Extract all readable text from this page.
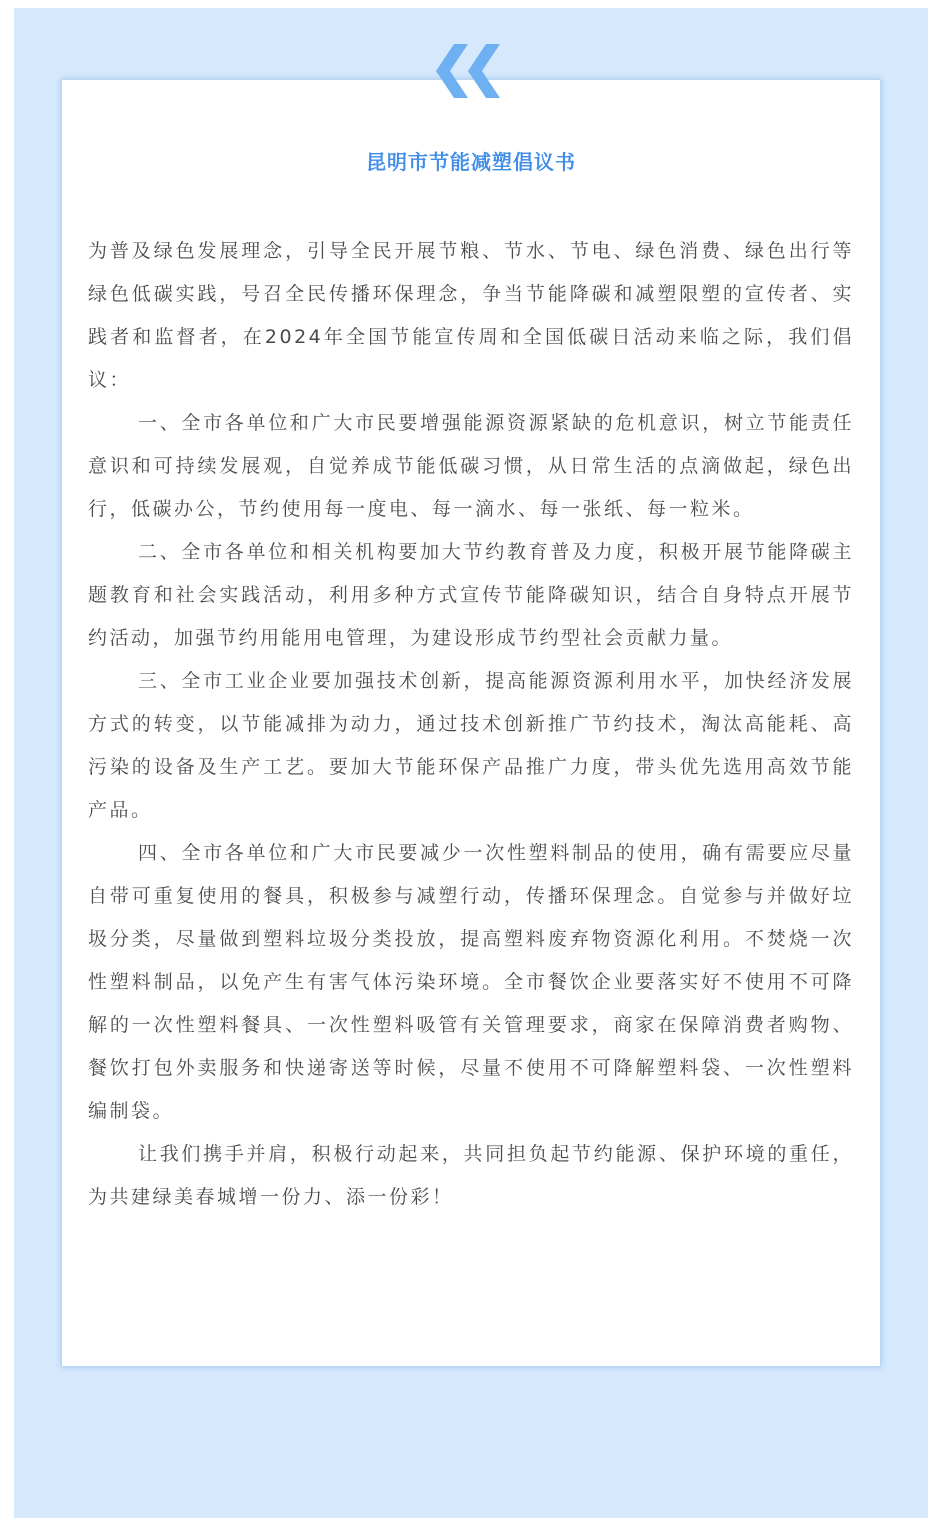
昆明市节能减塑倡议书

为普及绿色发展理念，引导全民开展节粮、节水、节电、绿色消费、绿色出行等绿色低碳实践，号召全民传播环保理念，争当节能降碳和减塑限塑的宣传者、实践者和监督者，在2024年全国节能宣传周和全国低碳日活动来临之际，我们倡议：

一、全市各单位和广大市民要增强能源资源紧缺的危机意识，树立节能责任意识和可持续发展观，自觉养成节能低碳习惯，从日常生活的点滴做起，绿色出行，低碳办公，节约使用每一度电、每一滴水、每一张纸、每一粒米。

二、全市各单位和相关机构要加大节约教育普及力度，积极开展节能降碳主题教育和社会实践活动，利用多种方式宣传节能降碳知识，结合自身特点开展节约活动，加强节约用能用电管理，为建设形成节约型社会贡献力量。

三、全市工业企业要加强技术创新，提高能源资源利用水平，加快经济发展方式的转变，以节能减排为动力，通过技术创新推广节约技术，淘汰高能耗、高污染的设备及生产工艺。要加大节能环保产品推广力度，带头优先选用高效节能产品。

四、全市各单位和广大市民要减少一次性塑料制品的使用，确有需要应尽量自带可重复使用的餐具，积极参与减塑行动，传播环保理念。自觉参与并做好垃圾分类，尽量做到塑料垃圾分类投放，提高塑料废弃物资源化利用。不焚烧一次性塑料制品，以免产生有害气体污染环境。全市餐饮企业要落实好不使用不可降解的一次性塑料餐具、一次性塑料吸管有关管理要求，商家在保障消费者购物、餐饮打包外卖服务和快递寄送等时候，尽量不使用不可降解塑料袋、一次性塑料编制袋。

让我们携手并肩，积极行动起来，共同担负起节约能源、保护环境的重任，为共建绿美春城增一份力、添一份彩！
